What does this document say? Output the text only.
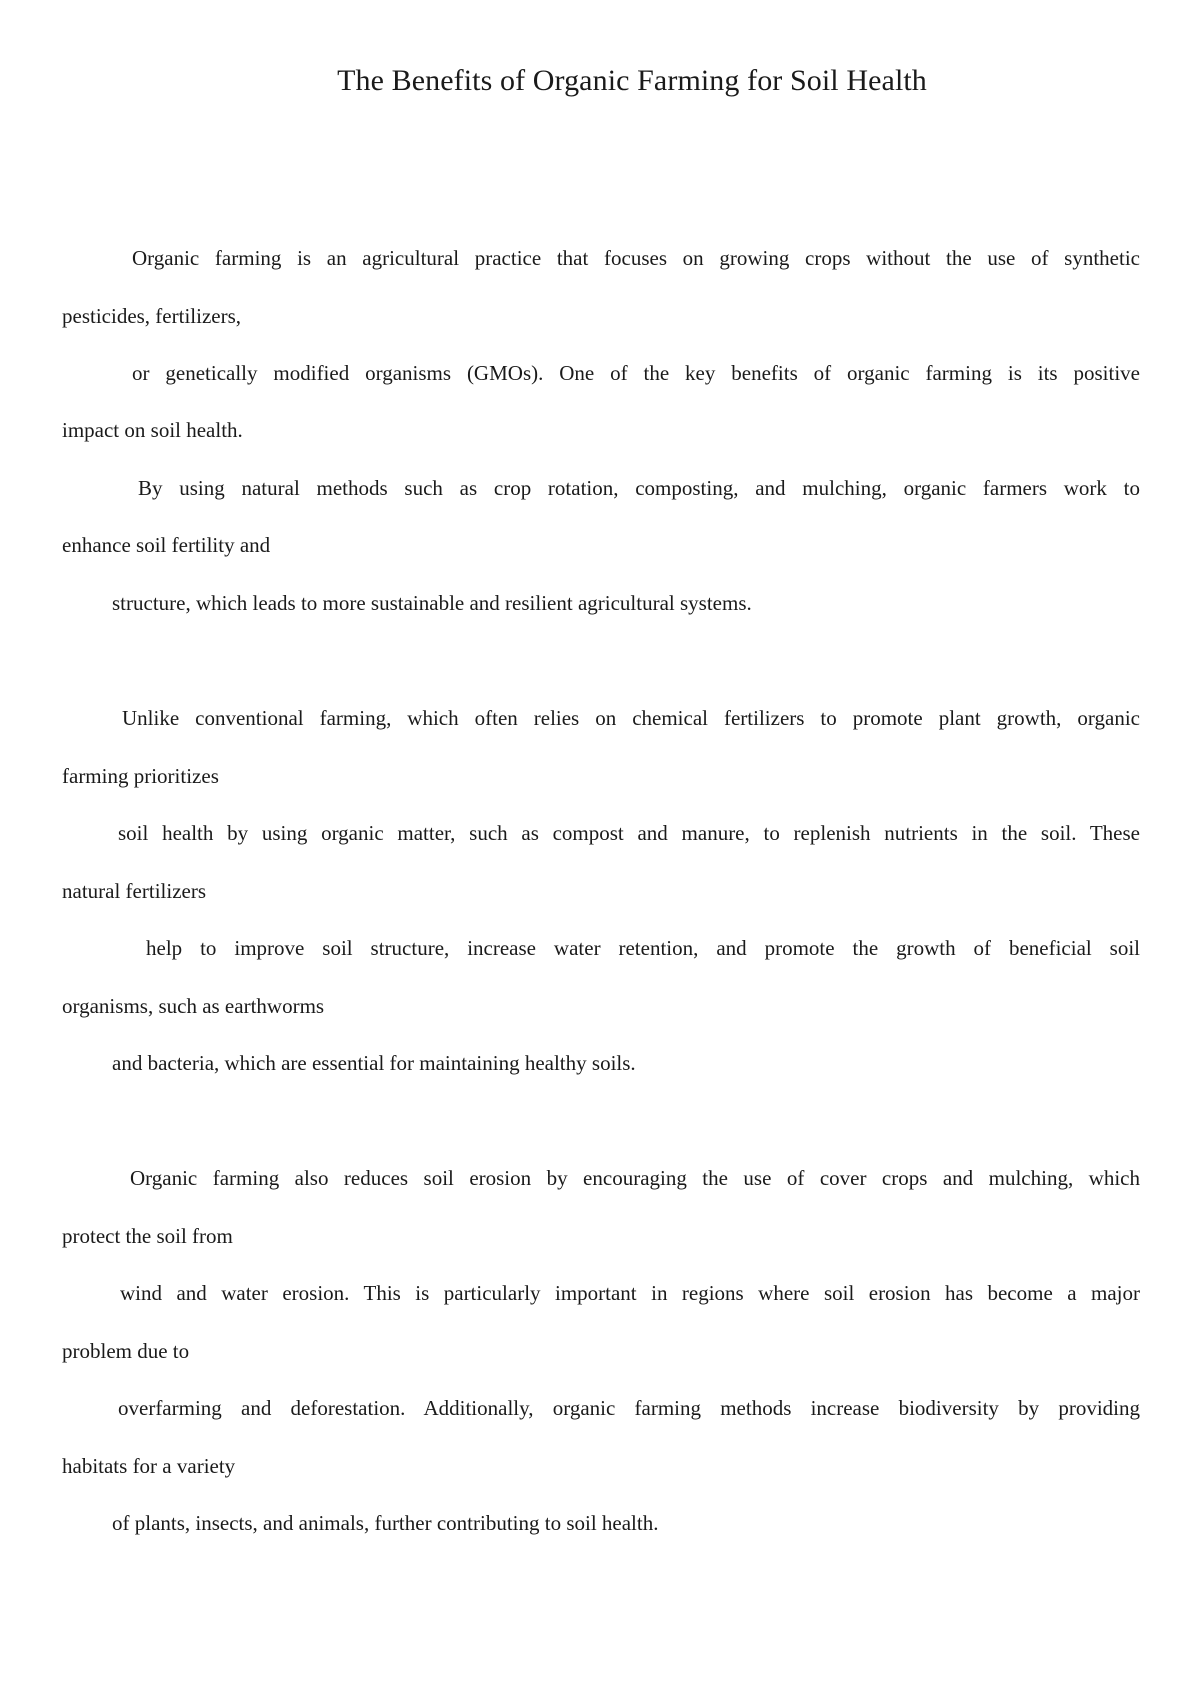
The Benefits of Organic Farming for Soil Health

Organic farming is an agricultural practice that focuses on growing crops without the use of synthetic

pesticides, fertilizers,

or genetically modified organisms (GMOs). One of the key benefits of organic farming is its positive

impact on soil health.

By using natural methods such as crop rotation, composting, and mulching, organic farmers work to

enhance soil fertility and

structure, which leads to more sustainable and resilient agricultural systems.

Unlike conventional farming, which often relies on chemical fertilizers to promote plant growth, organic

farming prioritizes

soil health by using organic matter, such as compost and manure, to replenish nutrients in the soil. These

natural fertilizers

help to improve soil structure, increase water retention, and promote the growth of beneficial soil

organisms, such as earthworms

and bacteria, which are essential for maintaining healthy soils.

Organic farming also reduces soil erosion by encouraging the use of cover crops and mulching, which

protect the soil from

wind and water erosion. This is particularly important in regions where soil erosion has become a major

problem due to

overfarming and deforestation. Additionally, organic farming methods increase biodiversity by providing

habitats for a variety

of plants, insects, and animals, further contributing to soil health.
